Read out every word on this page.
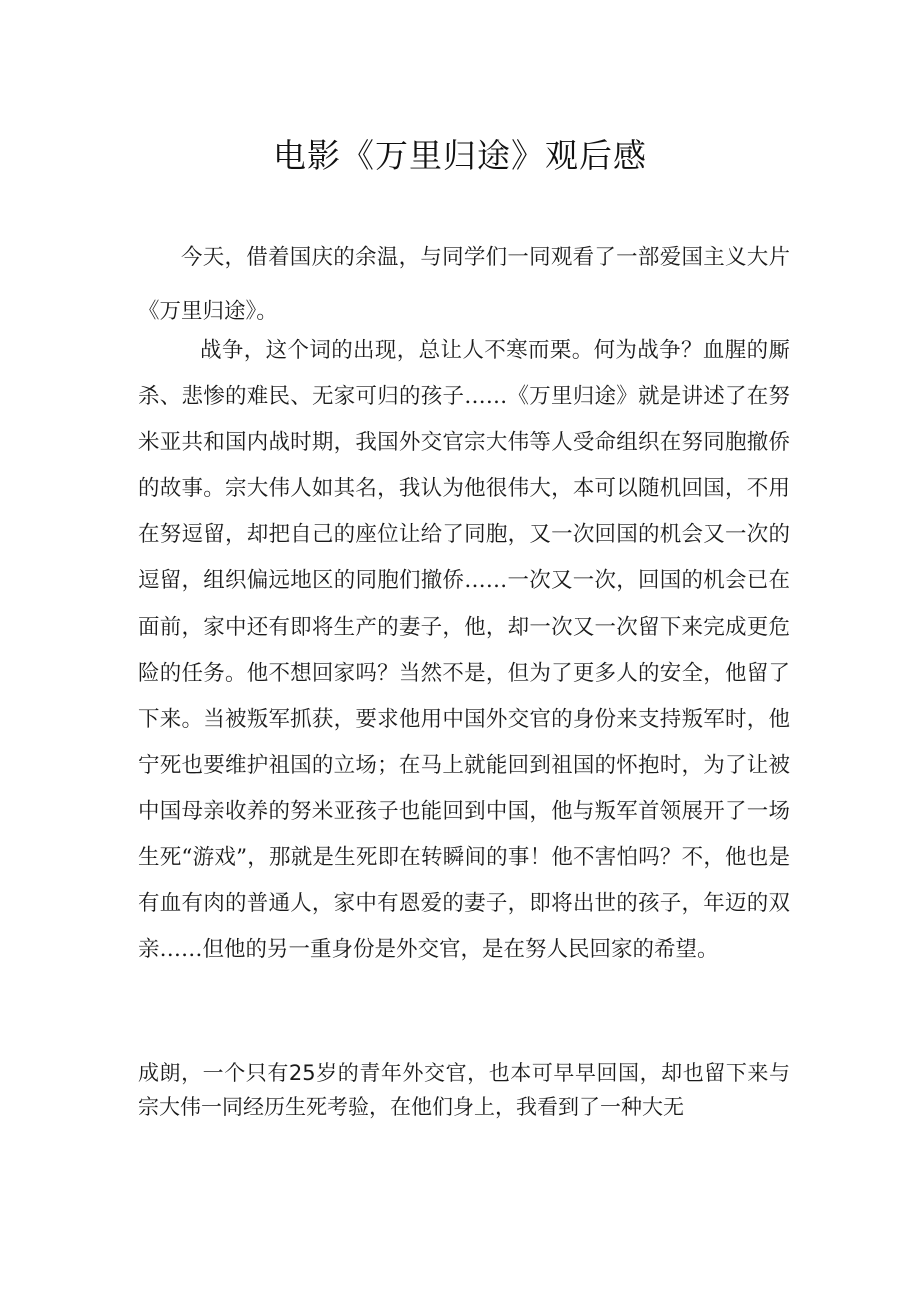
电影《万里归途》观后感

今天，借着国庆的余温，与同学们一同观看了一部爱国主义大片《万里归途》。

战争，这个词的出现，总让人不寒而栗。何为战争？血腥的厮杀、悲惨的难民、无家可归的孩子……《万里归途》就是讲述了在努米亚共和国内战时期，我国外交官宗大伟等人受命组织在努同胞撤侨的故事。宗大伟人如其名，我认为他很伟大，本可以随机回国，不用在努逗留，却把自己的座位让给了同胞，又一次回国的机会又一次的逗留，组织偏远地区的同胞们撤侨……一次又一次，回国的机会已在面前，家中还有即将生产的妻子，他，却一次又一次留下来完成更危险的任务。他不想回家吗？当然不是，但为了更多人的安全，他留了下来。当被叛军抓获，要求他用中国外交官的身份来支持叛军时，他宁死也要维护祖国的立场；在马上就能回到祖国的怀抱时，为了让被中国母亲收养的努米亚孩子也能回到中国，他与叛军首领展开了一场生死“游戏”，那就是生死即在转瞬间的事！他不害怕吗？不，他也是有血有肉的普通人，家中有恩爱的妻子，即将出世的孩子，年迈的双亲……但他的另一重身份是外交官，是在努人民回家的希望。

成朗，一个只有25岁的青年外交官，也本可早早回国，却也留下来与宗大伟一同经历生死考验，在他们身上，我看到了一种大无
